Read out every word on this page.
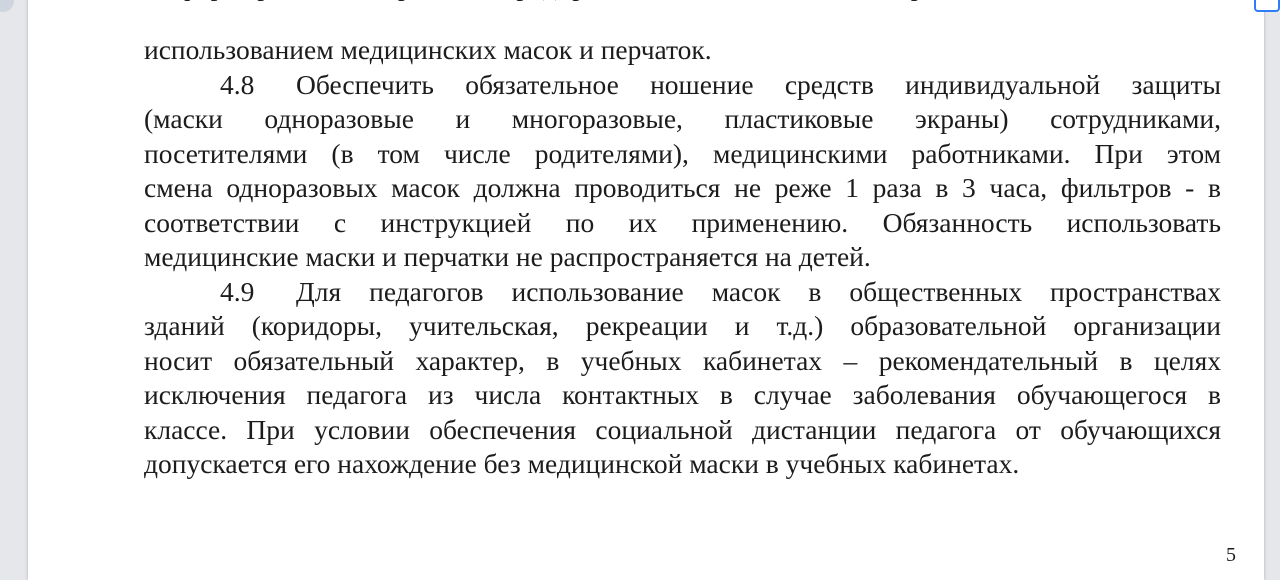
использованием медицинских масок и перчаток.
4.8 Обеспечить обязательное ношение средств индивидуальной защиты
(маски одноразовые и многоразовые, пластиковые экраны) сотрудниками,
посетителями (в том числе родителями), медицинскими работниками. При этом
смена одноразовых масок должна проводиться не реже 1 раза в 3 часа, фильтров - в
соответствии с инструкцией по их применению. Обязанность использовать
медицинские маски и перчатки не распространяется на детей.
4.9 Для педагогов использование масок в общественных пространствах
зданий (коридоры, учительская, рекреации и т.д.) образовательной организации
носит обязательный характер, в учебных кабинетах – рекомендательный в целях
исключения педагога из числа контактных в случае заболевания обучающегося в
классе. При условии обеспечения социальной дистанции педагога от обучающихся
допускается его нахождение без медицинской маски в учебных кабинетах.
5
